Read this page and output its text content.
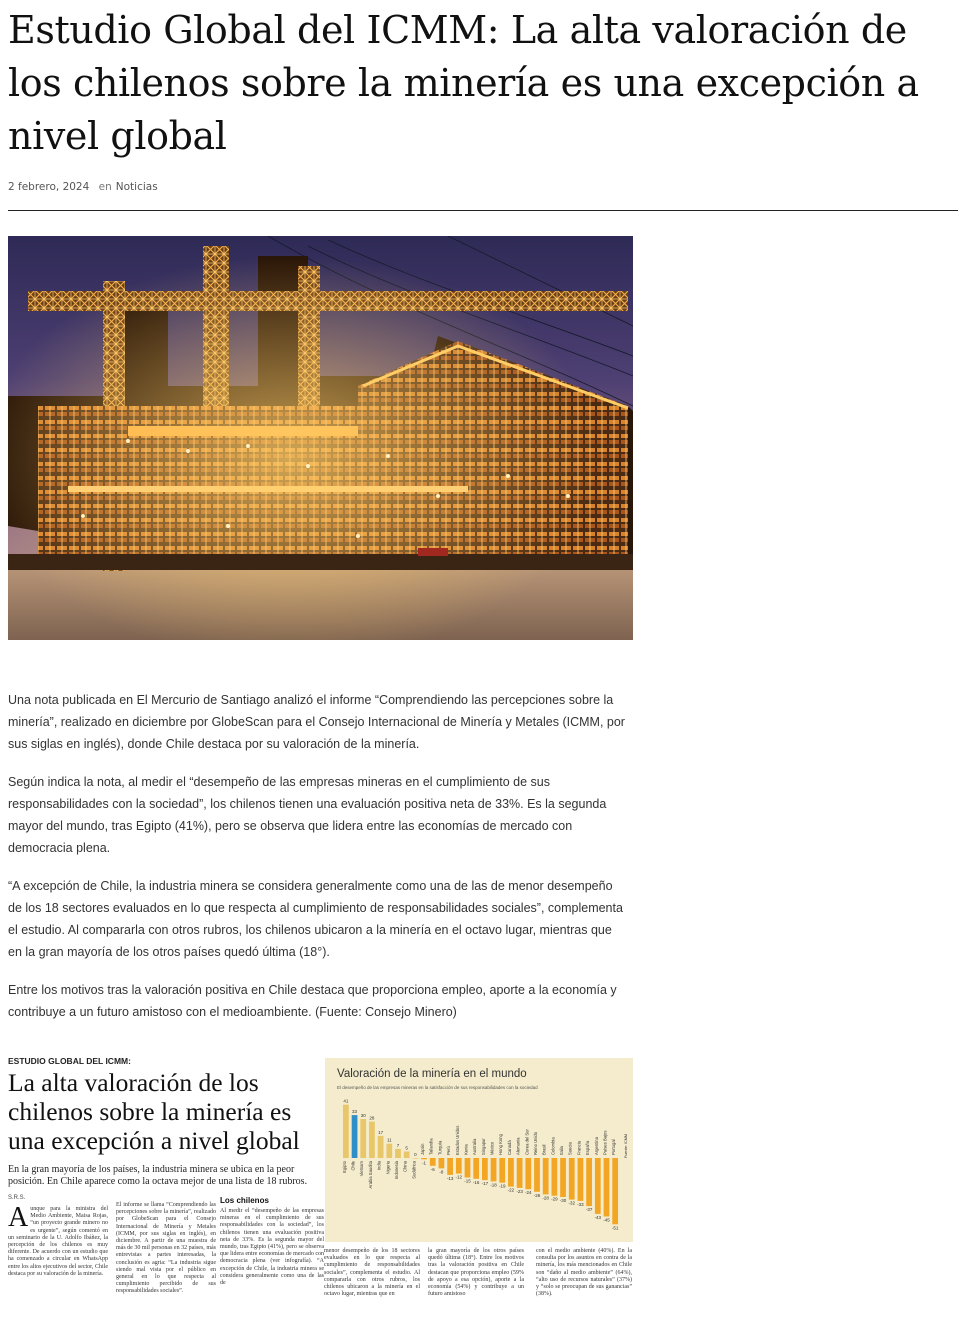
Estudio Global del ICMM: La alta valoración de los chilenos sobre la minería es una excepción a nivel global
2 febrero, 2024 en Noticias

Una nota publicada en El Mercurio de Santiago analizó el informe “Comprendiendo las percepciones sobre la minería”, realizado en diciembre por GlobeScan para el Consejo Internacional de Minería y Metales (ICMM, por sus siglas en inglés), donde Chile destaca por su valoración de la minería.

Según indica la nota, al medir el “desempeño de las empresas mineras en el cumplimiento de sus responsabilidades con la sociedad”, los chilenos tienen una evaluación positiva neta de 33%. Es la segunda mayor del mundo, tras Egipto (41%), pero se observa que lidera entre las economías de mercado con democracia plena.

“A excepción de Chile, la industria minera se considera generalmente como una de las de menor desempeño de los 18 sectores evaluados en lo que respecta al cumplimiento de responsabilidades sociales”, complementa el estudio. Al compararla con otros rubros, los chilenos ubicaron a la minería en el octavo lugar, mientras que en la gran mayoría de los otros países quedó última (18°).

Entre los motivos tras la valoración positiva en Chile destaca que proporciona empleo, aporte a la economía y contribuye a un futuro amistoso con el medioambiente. (Fuente: Consejo Minero)

ESTUDIO GLOBAL DEL ICMM:
La alta valoración de los chilenos sobre la minería es una excepción a nivel global
En la gran mayoría de los países, la industria minera se ubica en la peor posición. En Chile aparece como la octava mejor de una lista de 18 rubros.
S.R.S.
Aunque para la ministra del Medio Ambiente, Maisa Rojas, “un proyecto grande minero no es urgente”, según comentó en un seminario de la U. Adolfo Ibáñez, la percepción de los chilenos es muy diferente. De acuerdo con un estudio que ha comenzado a circular en WhatsApp entre los altos ejecutivos del sector, Chile destaca por su valoración de la minería.
El informe se llama “Comprendiendo las percepciones sobre la minería”, realizado por GlobeScan para el Consejo Internacional de Minería y Metales (ICMM, por sus siglas en inglés), en diciembre. A partir de una muestra de más de 30 mil personas en 32 países, más entrevistas a partes interesadas, la conclusión es agria: “La industria sigue siendo mal vista por el público en general en lo que respecta al cumplimiento percibido de sus responsabilidades sociales”.
Los chilenos
Al medir el “desempeño de las empresas mineras en el cumplimiento de sus responsabilidades con la sociedad”, los chilenos tienen una evaluación positiva neta de 33%. Es la segunda mayor del mundo, tras Egipto (41%), pero se observa que lidera entre economías de mercado con democracia plena (ver infografía). “A excepción de Chile, la industria minera se considera generalmente como una de las de
menor desempeño de los 18 sectores evaluados en lo que respecta al cumplimiento de responsabilidades sociales”, complementa el estudio. Al compararla con otros rubros, los chilenos ubicaron a la minería en el octavo lugar, mientras que en
la gran mayoría de los otros países quedó última (18°). Entre los motivos tras la valoración positiva en Chile destacan que proporciona empleo (59% de apoyo a esa opción), aporte a la economía (54%) y contribuye a un futuro amistoso
con el medio ambiente (40%). En la consulta por los asuntos en contra de la minería, los más mencionados en Chile son “daño al medio ambiente” (64%), “alto uso de recursos naturales” (37%) y “solo se preocupan de sus ganancias” (38%).
Valoración de la minería en el mundo
El desempeño de las empresas mineras en la satisfacción de sus responsabilidades con la sociedad
41
Egipto
33
Chile
30
Vietnam
28
Arabia Saudita
17
India
11
Nigeria
7
Indonesia
5
China
0
Sudáfrica -1
Japón
-6
Tailandia
-8
Turquía
-13
Perú
-12
Estados Unidos
-15
Kenia
-16
Australia
-17
Singapur
-18
México
-19
Hong Kong
-22
Canadá
-23
Alemania
-24
Corea del Sur
-26
Reino Unido
-28
Brasil
-29
Colombia
-30
Italia
-32
Suecia
-33
Francia
-37
España
-43
Argentina
-45
Países Bajos
-51
Portugal Fuente: ICMM
